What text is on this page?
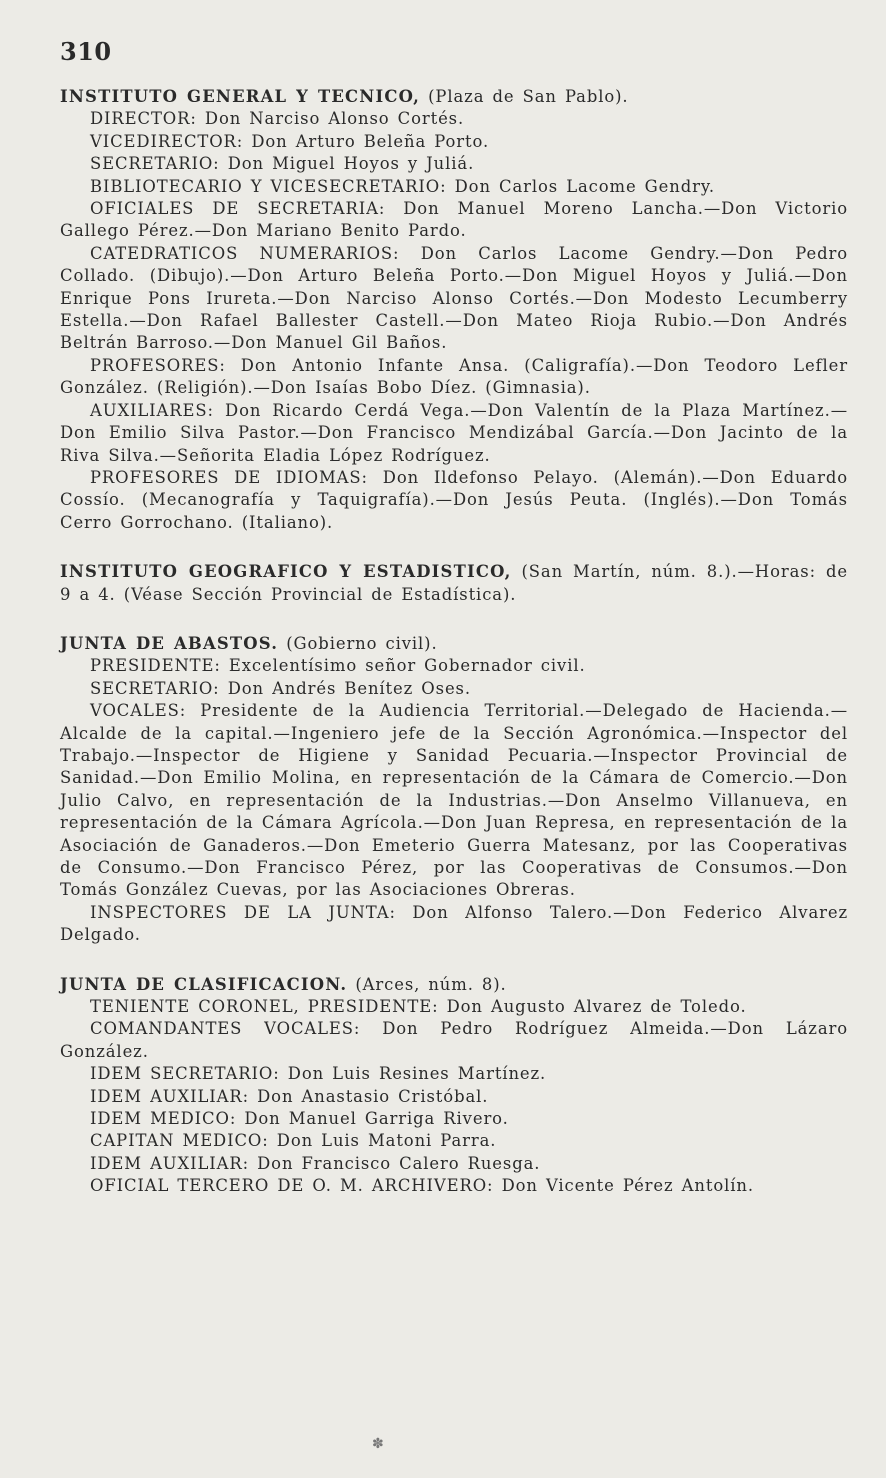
310

INSTITUTO GENERAL Y TECNICO, (Plaza de San Pablo).

DIRECTOR: Don Narciso Alonso Cortés.

VICEDIRECTOR: Don Arturo Beleña Porto.

SECRETARIO: Don Miguel Hoyos y Juliá.

BIBLIOTECARIO Y VICESECRETARIO: Don Carlos Lacome Gendry.

OFICIALES DE SECRETARIA: Don Manuel Moreno Lancha.—Don Victorio Gallego Pérez.—Don Mariano Benito Pardo.

CATEDRATICOS NUMERARIOS: Don Carlos Lacome Gendry.—Don Pedro Collado. (Dibujo).—Don Arturo Beleña Porto.—Don Miguel Hoyos y Juliá.—Don Enrique Pons Irureta.—Don Narciso Alonso Cortés.—Don Modesto Lecumberry Estella.—Don Rafael Ballester Castell.—Don Mateo Rioja Rubio.—Don Andrés Beltrán Barroso.—Don Manuel Gil Baños.

PROFESORES: Don Antonio Infante Ansa. (Caligrafía).—Don Teodoro Lefler González. (Religión).—Don Isaías Bobo Díez. (Gimnasia).

AUXILIARES: Don Ricardo Cerdá Vega.—Don Valentín de la Plaza Martínez.—Don Emilio Silva Pastor.—Don Francisco Mendizábal García.—Don Jacinto de la Riva Silva.—Señorita Eladia López Rodríguez.

PROFESORES DE IDIOMAS: Don Ildefonso Pelayo. (Alemán).—Don Eduardo Cossío. (Mecanografía y Taquigrafía).—Don Jesús Peuta. (Inglés).—Don Tomás Cerro Gorrochano. (Italiano).

INSTITUTO GEOGRAFICO Y ESTADISTICO, (San Martín, núm. 8.).—Horas: de 9 a 4. (Véase Sección Provincial de Estadística).

JUNTA DE ABASTOS. (Gobierno civil).

PRESIDENTE: Excelentísimo señor Gobernador civil.

SECRETARIO: Don Andrés Benítez Oses.

VOCALES: Presidente de la Audiencia Territorial.—Delegado de Hacienda.—Alcalde de la capital.—Ingeniero jefe de la Sección Agronómica.—Inspector del Trabajo.—Inspector de Higiene y Sanidad Pecuaria.—Inspector Provincial de Sanidad.—Don Emilio Molina, en representación de la Cámara de Comercio.—Don Julio Calvo, en representación de la Industrias.—Don Anselmo Villanueva, en representación de la Cámara Agrícola.—Don Juan Represa, en representación de la Asociación de Ganaderos.—Don Emeterio Guerra Matesanz, por las Cooperativas de Consumo.—Don Francisco Pérez, por las Cooperativas de Consumos.—Don Tomás González Cuevas, por las Asociaciones Obreras.

INSPECTORES DE LA JUNTA: Don Alfonso Talero.—Don Federico Alvarez Delgado.

JUNTA DE CLASIFICACION. (Arces, núm. 8).

TENIENTE CORONEL, PRESIDENTE: Don Augusto Alvarez de Toledo.

COMANDANTES VOCALES: Don Pedro Rodríguez Almeida.—Don Lázaro González.

IDEM SECRETARIO: Don Luis Resines Martínez.

IDEM AUXILIAR: Don Anastasio Cristóbal.

IDEM MEDICO: Don Manuel Garriga Rivero.

CAPITAN MEDICO: Don Luis Matoni Parra.

IDEM AUXILIAR: Don Francisco Calero Ruesga.

OFICIAL TERCERO DE O. M. ARCHIVERO: Don Vicente Pérez Antolín.

✽
